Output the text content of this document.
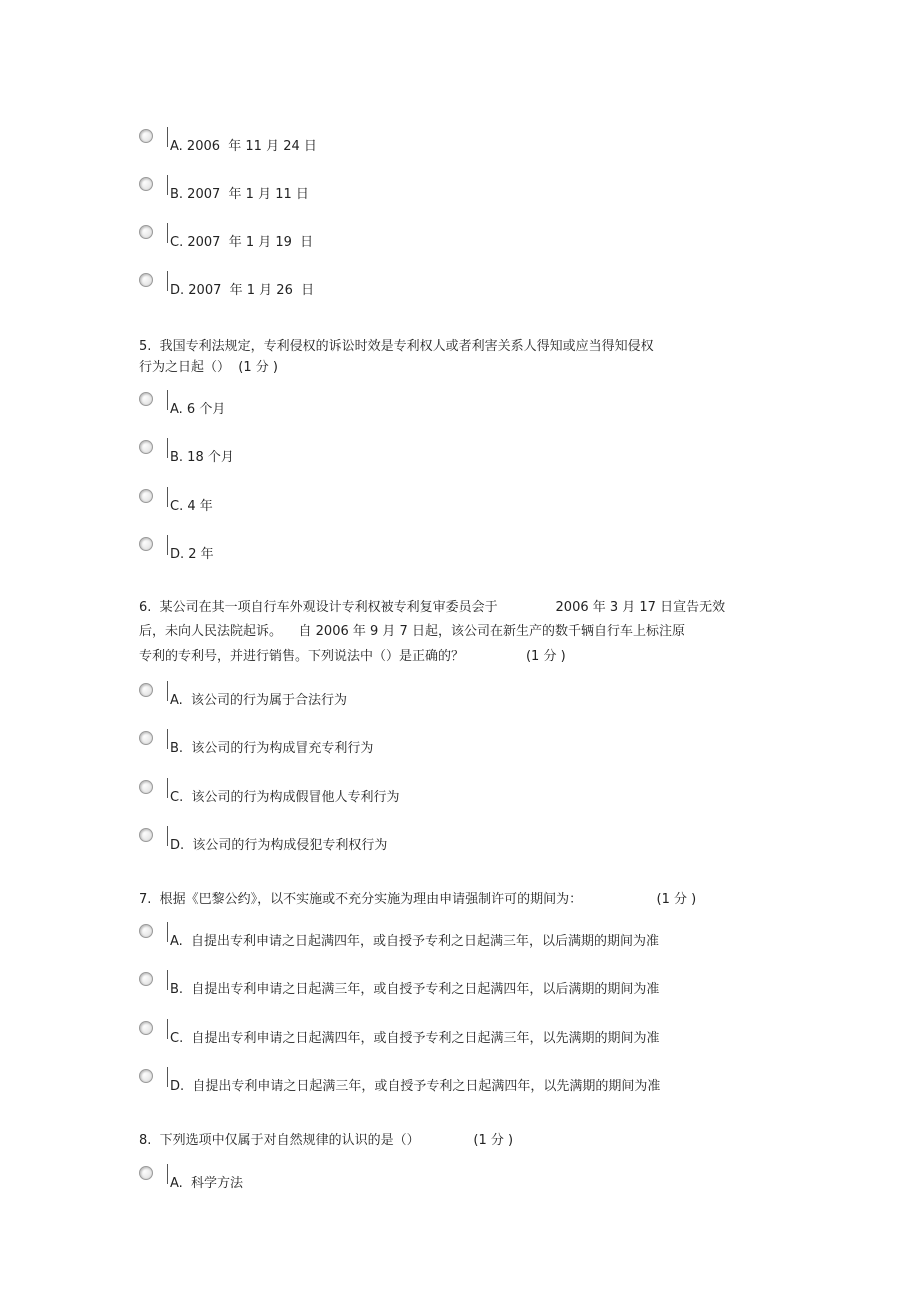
A. 2006  年 11 月 24 日
B. 2007  年 1 月 11 日
C. 2007  年 1 月 19  日
D. 2007  年 1 月 26  日
5.  我国专利法规定，专利侵权的诉讼时效是专利权人或者利害关系人得知或应当得知侵权
行为之日起（）  (1 分 )
A. 6 个月
B. 18 个月
C. 4 年
D. 2 年
6.  某公司在其一项自行车外观设计专利权被专利复审委员会于              2006 年 3 月 17 日宣告无效
后，未向人民法院起诉。    自 2006 年 9 月 7 日起，该公司在新生产的数千辆自行车上标注原
专利的专利号，并进行销售。下列说法中（）是正确的？               (1 分 )
A.  该公司的行为属于合法行为
B.  该公司的行为构成冒充专利行为
C.  该公司的行为构成假冒他人专利行为
D.  该公司的行为构成侵犯专利权行为
7.  根据《巴黎公约》，以不实施或不充分实施为理由申请强制许可的期间为：                  (1 分 )
A.  自提出专利申请之日起满四年，或自授予专利之日起满三年，以后满期的期间为准
B.  自提出专利申请之日起满三年，或自授予专利之日起满四年，以后满期的期间为准
C.  自提出专利申请之日起满四年，或自授予专利之日起满三年，以先满期的期间为准
D.  自提出专利申请之日起满三年，或自授予专利之日起满四年，以先满期的期间为准
8.  下列选项中仅属于对自然规律的认识的是（）             (1 分 )
A.  科学方法
